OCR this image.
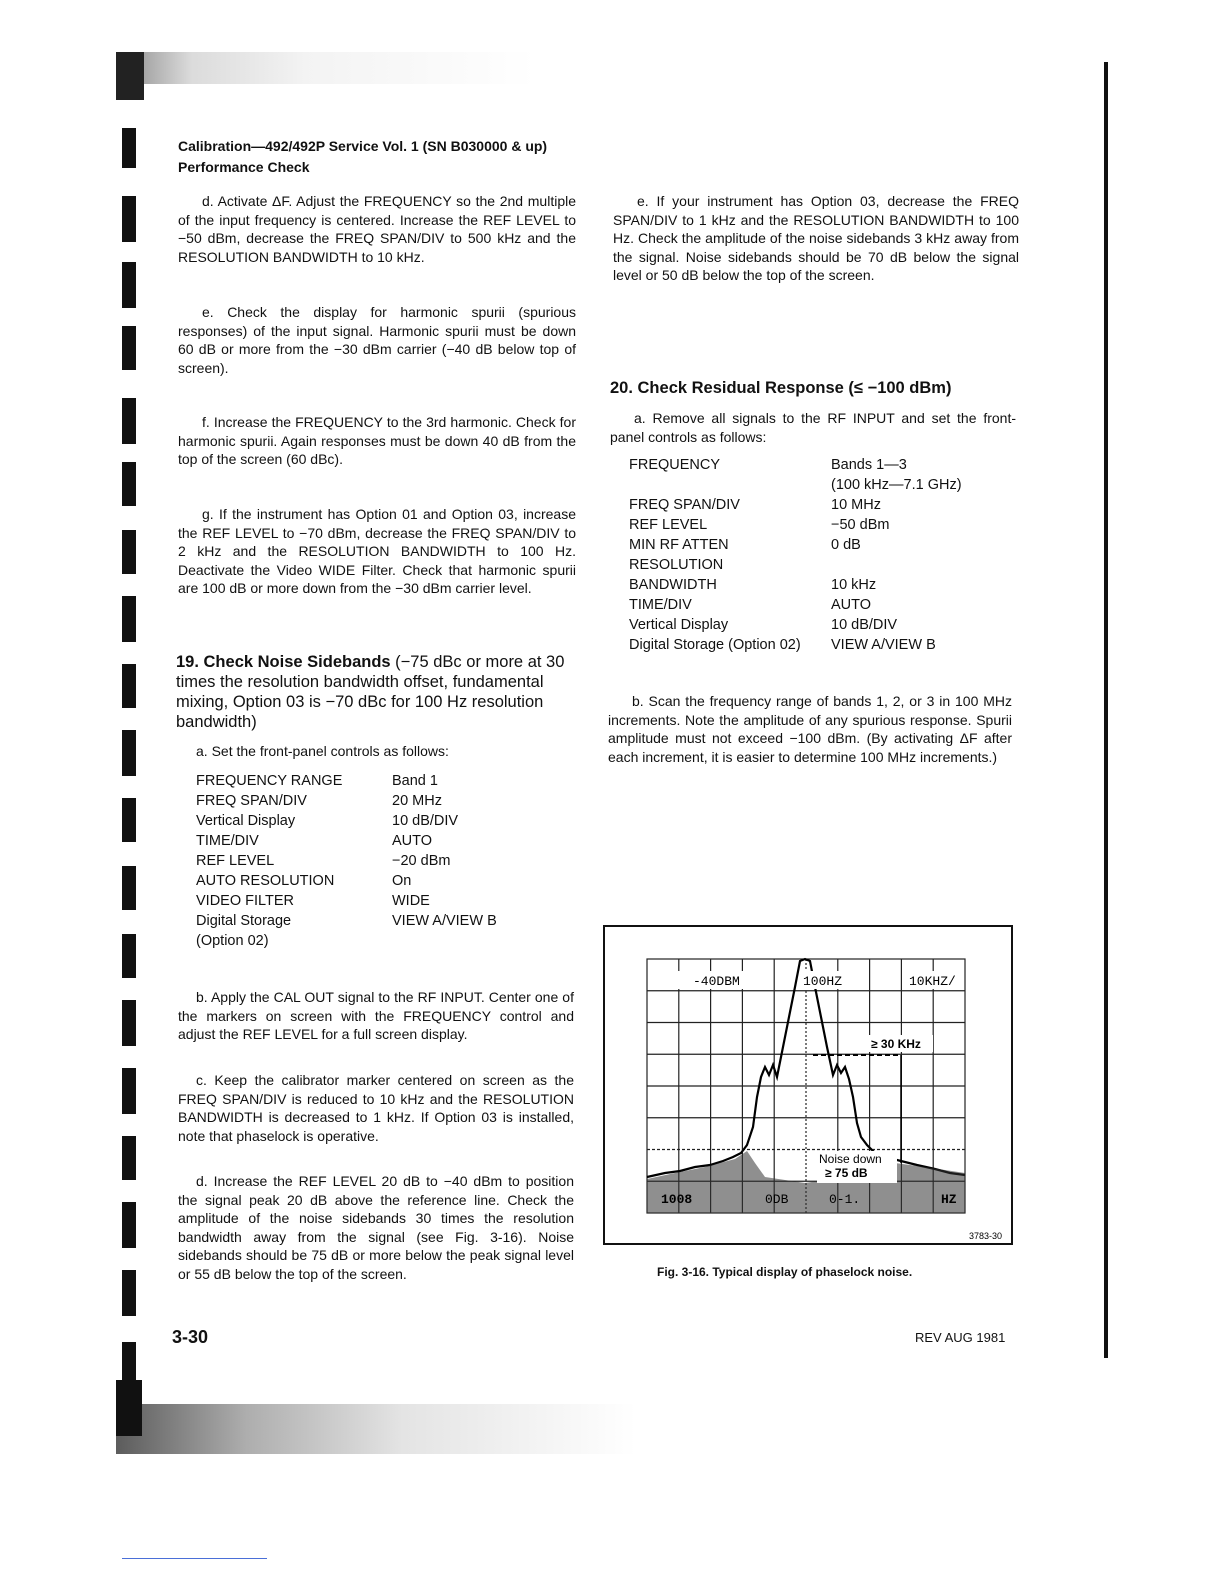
Calibration—492/492P Service Vol. 1 (SN B030000 & up)
Performance Check
d. Activate ΔF. Adjust the FREQUENCY so the 2nd multiple of the input frequency is centered. Increase the REF LEVEL to −50 dBm, decrease the FREQ SPAN/DIV to 500 kHz and the RESOLUTION BANDWIDTH to 10 kHz.
e. Check the display for harmonic spurii (spurious responses) of the input signal. Harmonic spurii must be down 60 dB or more from the −30 dBm carrier (−40 dB below top of screen).
f. Increase the FREQUENCY to the 3rd harmonic. Check for harmonic spurii. Again responses must be down 40 dB from the top of the screen (60 dBc).
g. If the instrument has Option 01 and Option 03, increase the REF LEVEL to −70 dBm, decrease the FREQ SPAN/DIV to 2 kHz and the RESOLUTION BANDWIDTH to 100 Hz. Deactivate the Video WIDE Filter. Check that harmonic spurii are 100 dB or more down from the −30 dBm carrier level.
19. Check Noise Sidebands (−75 dBc or more at 30 times the resolution bandwidth offset, fundamental mixing, Option 03 is −70 dBc for 100 Hz resolution bandwidth)
a. Set the front-panel controls as follows:
FREQUENCY RANGE	Band 1
FREQ SPAN/DIV	20 MHz
Vertical Display	10 dB/DIV
TIME/DIV	AUTO
REF LEVEL	−20 dBm
AUTO RESOLUTION	On
VIDEO FILTER	WIDE
Digital Storage	VIEW A/VIEW B
(Option 02)
b. Apply the CAL OUT signal to the RF INPUT. Center one of the markers on screen with the FREQUENCY control and adjust the REF LEVEL for a full screen display.
c. Keep the calibrator marker centered on screen as the FREQ SPAN/DIV is reduced to 10 kHz and the RESOLUTION BANDWIDTH is decreased to 1 kHz. If Option 03 is installed, note that phaselock is operative.
d. Increase the REF LEVEL 20 dB to −40 dBm to position the signal peak 20 dB above the reference line. Check the amplitude of the noise sidebands 30 times the resolution bandwidth away from the signal (see Fig. 3-16). Noise sidebands should be 75 dB or more below the peak signal level or 55 dB below the top of the screen.
e. If your instrument has Option 03, decrease the FREQ SPAN/DIV to 1 kHz and the RESOLUTION BANDWIDTH to 100 Hz. Check the amplitude of the noise sidebands 3 kHz away from the signal. Noise sidebands should be 70 dB below the signal level or 50 dB below the top of the screen.
20. Check Residual Response (≤ −100 dBm)
a. Remove all signals to the RF INPUT and set the front-panel controls as follows:
FREQUENCY	Bands 1—3
(100 kHz—7.1 GHz)
FREQ SPAN/DIV	10 MHz
REF LEVEL	−50 dBm
MIN RF ATTEN	0 dB
RESOLUTION
BANDWIDTH	10 kHz
TIME/DIV	AUTO
Vertical Display	10 dB/DIV
Digital Storage (Option 02)	VIEW A/VIEW B
b. Scan the frequency range of bands 1, 2, or 3 in 100 MHz increments. Note the amplitude of any spurious response. Spurii amplitude must not exceed −100 dBm. (By activating ΔF after each increment, it is easier to determine 100 MHz increments.)
-40DBM	100HZ	10KHZ/
1008	0DB	0-1.	HZ
≥ 30 KHz
Noise down
≥ 75 dB
3783-30
Fig. 3-16. Typical display of phaselock noise.
3-30	REV AUG 1981
